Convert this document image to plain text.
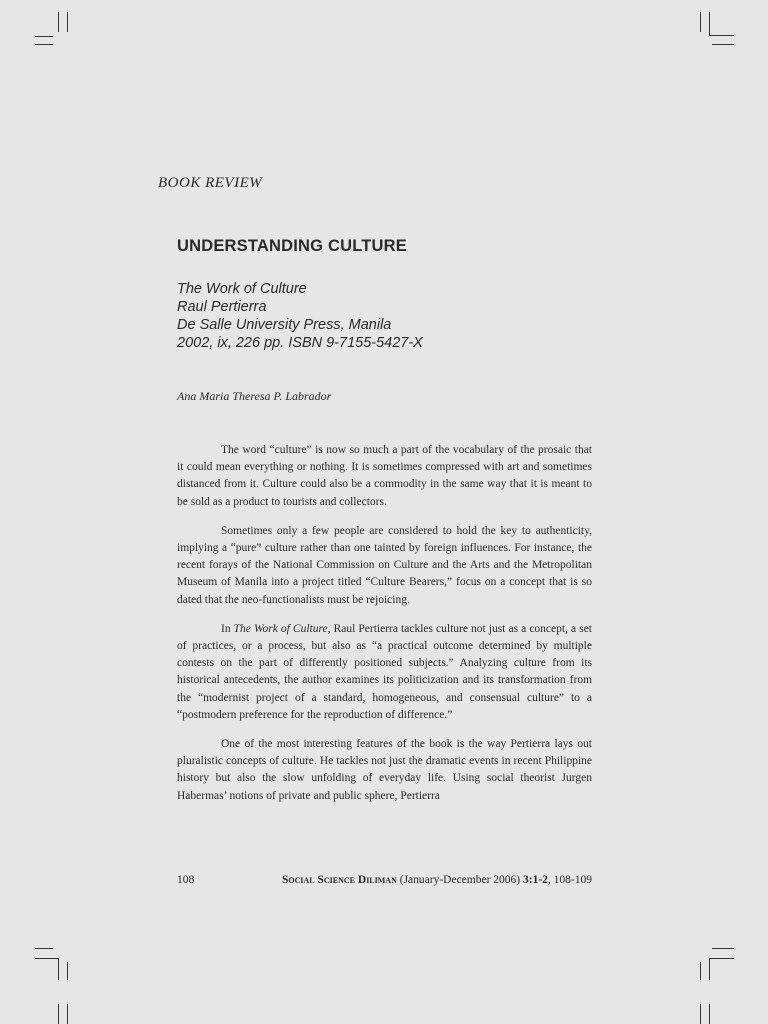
BOOK REVIEW
UNDERSTANDING CULTURE
The Work of Culture
Raul Pertierra
De Salle University Press, Manila
2002, ix, 226 pp. ISBN 9-7155-5427-X
Ana Maria Theresa P. Labrador

The word “culture” is now so much a part of the vocabulary of the prosaic that it could mean everything or nothing. It is sometimes compressed with art and sometimes distanced from it. Culture could also be a commodity in the same way that it is meant to be sold as a product to tourists and collectors.

Sometimes only a few people are considered to hold the key to authenticity, implying a “pure” culture rather than one tainted by foreign influences. For instance, the recent forays of the National Commission on Culture and the Arts and the Metropolitan Museum of Manila into a project titled “Culture Bearers,” focus on a concept that is so dated that the neo-functionalists must be rejoicing.

In The Work of Culture, Raul Pertierra tackles culture not just as a concept, a set of practices, or a process, but also as “a practical outcome determined by multiple contests on the part of differently positioned subjects.” Analyzing culture from its historical antecedents, the author examines its politicization and its transformation from the “modernist project of a standard, homogeneous, and consensual culture” to a “postmodern preference for the reproduction of difference.”

One of the most interesting features of the book is the way Pertierra lays out pluralistic concepts of culture. He tackles not just the dramatic events in recent Philippine history but also the slow unfolding of everyday life. Using social theorist Jurgen Habermas’ notions of private and public sphere, Pertierra

108	Social Science Diliman (January-December 2006) 3:1-2, 108-109
